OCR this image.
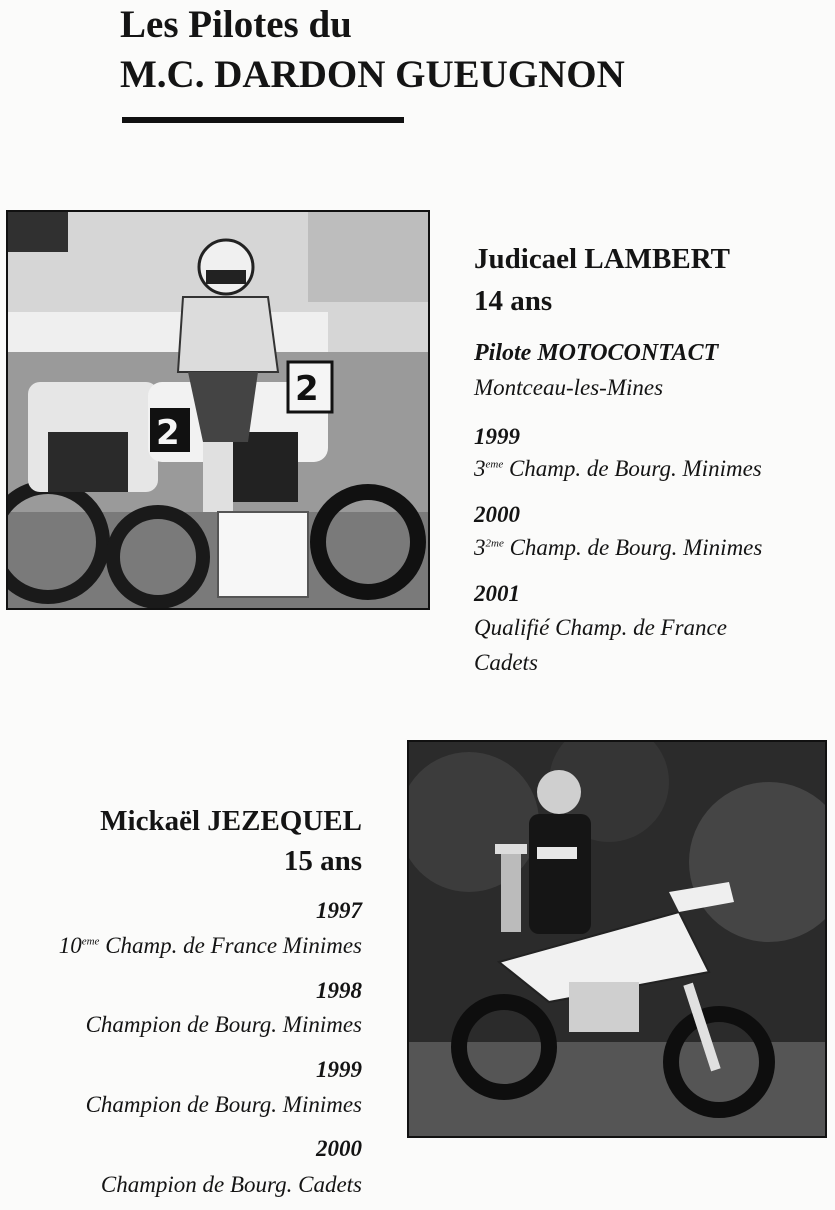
Les Pilotes du
M.C. DARDON GUEUGNON
2
2
Judicael LAMBERT
14 ans
Pilote MOTOCONTACT
Montceau-les-Mines
1999
3eme Champ. de Bourg. Minimes
2000
$3^{2me}$ Champ. de Bourg. Minimes
2001
Qualifié Champ. de France
Cadets
Mickaël JEZEQUEL
15 ans
1997
10eme Champ. de France Minimes
1998
Champion de Bourg. Minimes
1999
Champion de Bourg. Minimes
2000
Champion de Bourg. Cadets
